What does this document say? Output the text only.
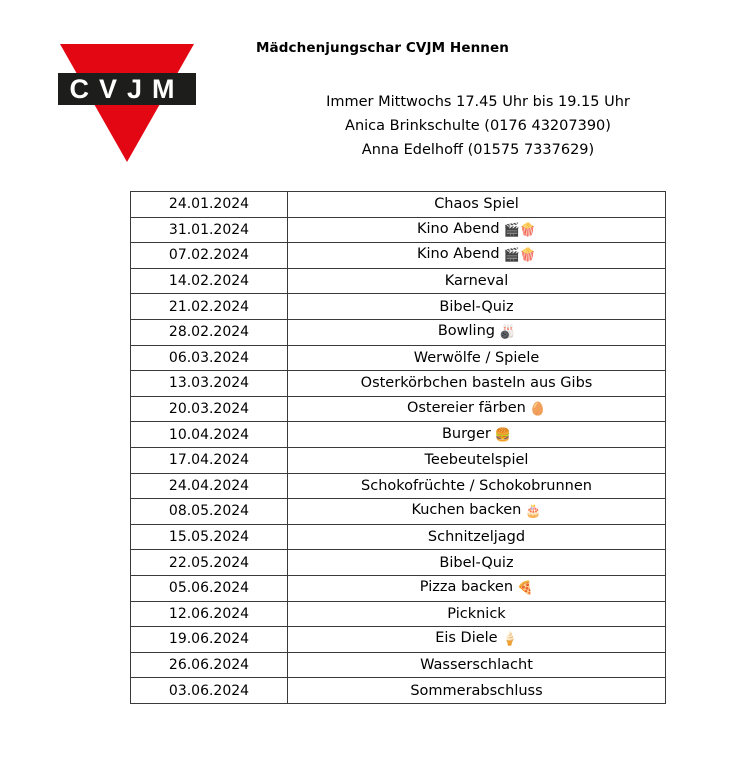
CVJM
Mädchenjungschar CVJM Hennen
Immer Mittwochs 17.45 Uhr bis 19.15 Uhr
Anica Brinkschulte (0176 43207390)
Anna Edelhoff (01575 7337629)
24.01.2024	Chaos Spiel
31.01.2024	Kino Abend 🎬🍿
07.02.2024	Kino Abend 🎬🍿
14.02.2024	Karneval
21.02.2024	Bibel-Quiz
28.02.2024	Bowling 🎳
06.03.2024	Werwölfe / Spiele
13.03.2024	Osterkörbchen basteln aus Gibs
20.03.2024	Ostereier färben 🥚
10.04.2024	Burger 🍔
17.04.2024	Teebeutelspiel
24.04.2024	Schokofrüchte / Schokobrunnen
08.05.2024	Kuchen backen 🎂
15.05.2024	Schnitzeljagd
22.05.2024	Bibel-Quiz
05.06.2024	Pizza backen 🍕
12.06.2024	Picknick
19.06.2024	Eis Diele 🍦
26.06.2024	Wasserschlacht
03.06.2024	Sommerabschluss
